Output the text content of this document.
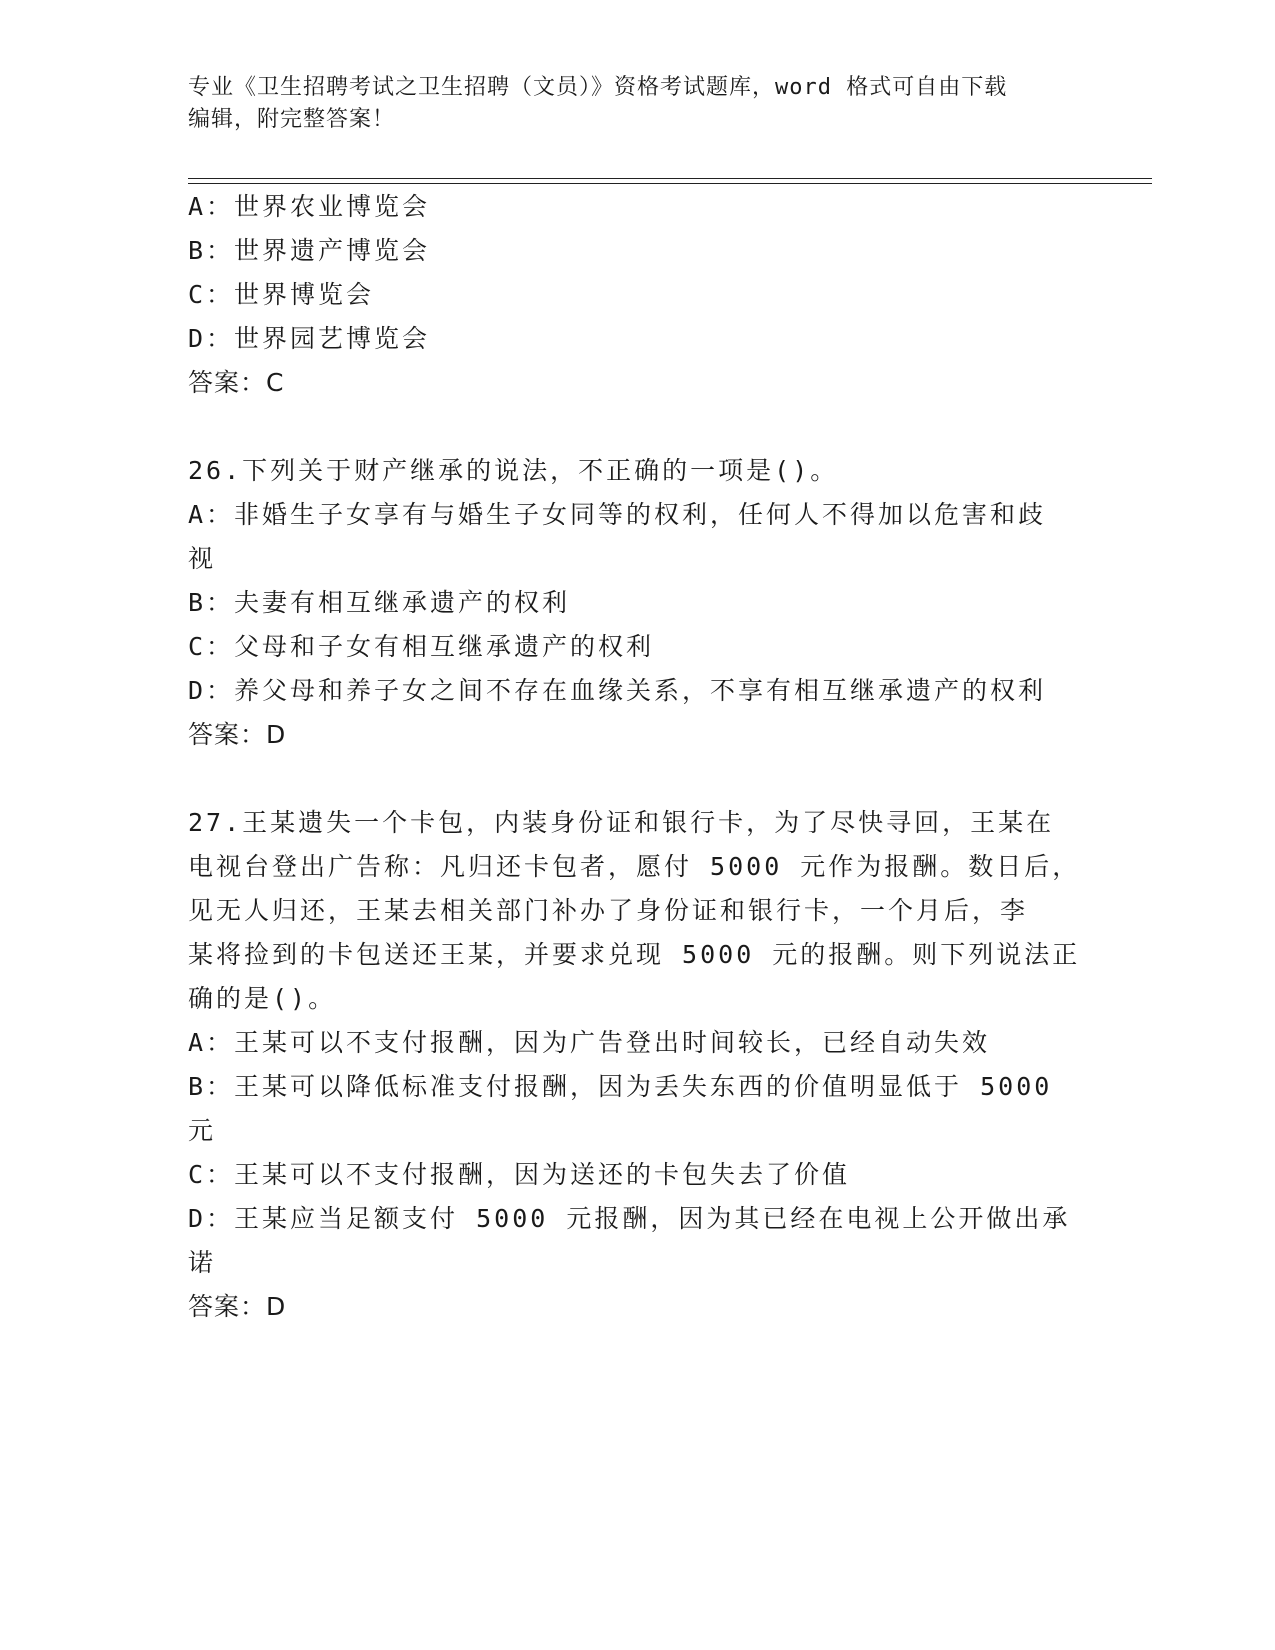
专业《卫生招聘考试之卫生招聘（文员）》资格考试题库，word 格式可自由下载
编辑，附完整答案！
A：世界农业博览会
B：世界遗产博览会
C：世界博览会
D：世界园艺博览会
答案：C
26.下列关于财产继承的说法，不正确的一项是()。
A：非婚生子女享有与婚生子女同等的权利，任何人不得加以危害和歧
视
B：夫妻有相互继承遗产的权利
C：父母和子女有相互继承遗产的权利
D：养父母和养子女之间不存在血缘关系，不享有相互继承遗产的权利
答案：D
27.王某遗失一个卡包，内装身份证和银行卡，为了尽快寻回，王某在
电视台登出广告称：凡归还卡包者，愿付 5000 元作为报酬。数日后，
见无人归还，王某去相关部门补办了身份证和银行卡，一个月后，李
某将捡到的卡包送还王某，并要求兑现 5000 元的报酬。则下列说法正
确的是()。
A：王某可以不支付报酬，因为广告登出时间较长，已经自动失效
B：王某可以降低标准支付报酬，因为丢失东西的价值明显低于 5000
元
C：王某可以不支付报酬，因为送还的卡包失去了价值
D：王某应当足额支付 5000 元报酬，因为其已经在电视上公开做出承
诺
答案：D
